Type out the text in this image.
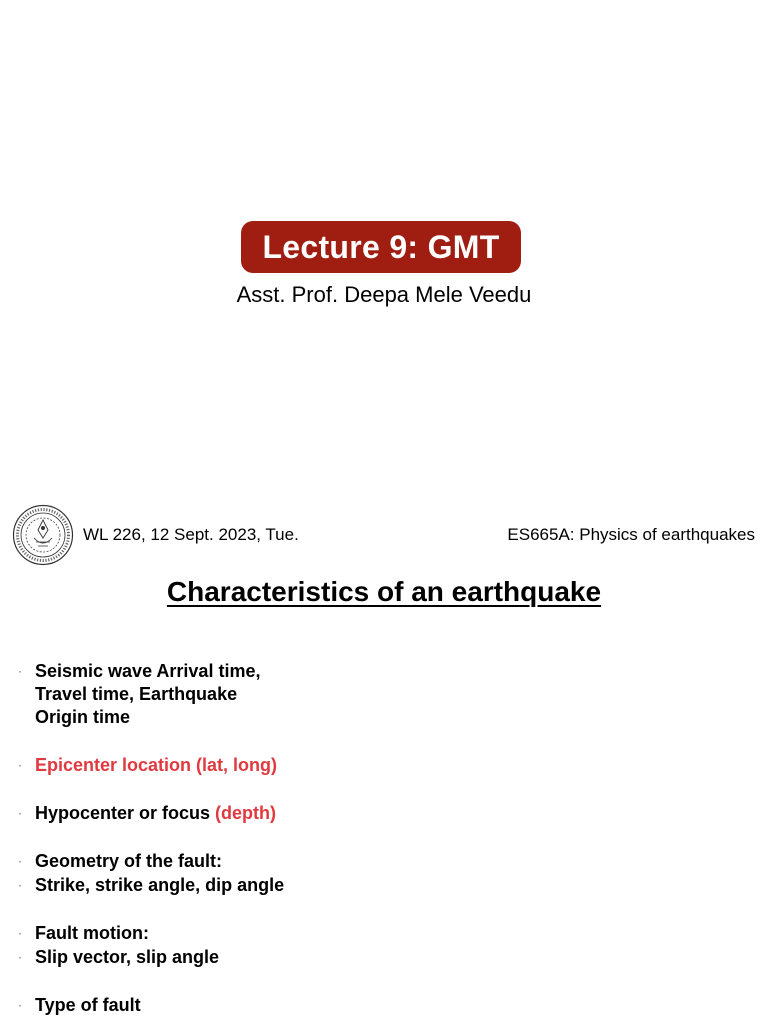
Lecture 9: GMT
Asst. Prof. Deepa Mele Veedu
WL 226, 12 Sept. 2023, Tue.	ES665A: Physics of earthquakes
Characteristics of an earthquake
· Seismic wave Arrival time,
Travel time, Earthquake
Origin time
· Epicenter location (lat, long)
· Hypocenter or focus (depth)
· Geometry of the fault:
· Strike, strike angle, dip angle
· Fault motion:
· Slip vector, slip angle
· Type of fault
